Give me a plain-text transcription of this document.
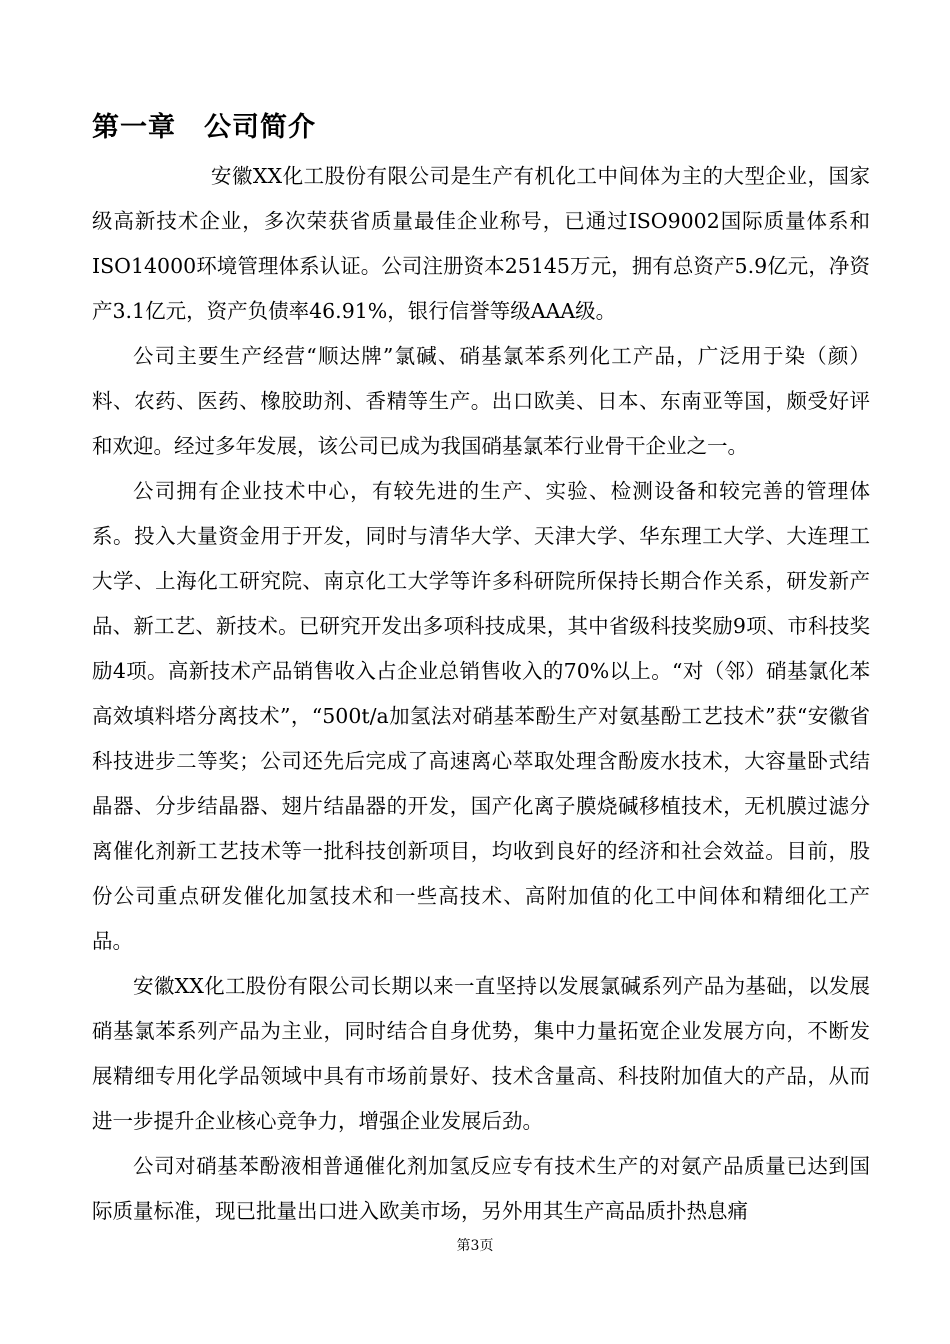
第一章　公司简介

安徽XX化工股份有限公司是生产有机化工中间体为主的大型企业，国家级高新技术企业，多次荣获省质量最佳企业称号，已通过ISO9002国际质量体系和ISO14000环境管理体系认证。公司注册资本25145万元，拥有总资产5.9亿元，净资产3.1亿元，资产负债率46.91%，银行信誉等级AAA级。

公司主要生产经营“顺达牌”氯碱、硝基氯苯系列化工产品，广泛用于染（颜）料、农药、医药、橡胶助剂、香精等生产。出口欧美、日本、东南亚等国，颇受好评和欢迎。经过多年发展，该公司已成为我国硝基氯苯行业骨干企业之一。

公司拥有企业技术中心，有较先进的生产、实验、检测设备和较完善的管理体系。投入大量资金用于开发，同时与清华大学、天津大学、华东理工大学、大连理工大学、上海化工研究院、南京化工大学等许多科研院所保持长期合作关系，研发新产品、新工艺、新技术。已研究开发出多项科技成果，其中省级科技奖励9项、市科技奖励4项。高新技术产品销售收入占企业总销售收入的70%以上。“对（邻）硝基氯化苯高效填料塔分离技术”，“500t/a加氢法对硝基苯酚生产对氨基酚工艺技术”获“安徽省科技进步二等奖；公司还先后完成了高速离心萃取处理含酚废水技术，大容量卧式结晶器、分步结晶器、翅片结晶器的开发，国产化离子膜烧碱移植技术，无机膜过滤分离催化剂新工艺技术等一批科技创新项目，均收到良好的经济和社会效益。目前，股份公司重点研发催化加氢技术和一些高技术、高附加值的化工中间体和精细化工产品。

安徽XX化工股份有限公司长期以来一直坚持以发展氯碱系列产品为基础，以发展硝基氯苯系列产品为主业，同时结合自身优势，集中力量拓宽企业发展方向，不断发展精细专用化学品领域中具有市场前景好、技术含量高、科技附加值大的产品，从而进一步提升企业核心竞争力，增强企业发展后劲。

公司对硝基苯酚液相普通催化剂加氢反应专有技术生产的对氨产品质量已达到国际质量标准，现已批量出口进入欧美市场，另外用其生产高品质扑热息痛

第3页
